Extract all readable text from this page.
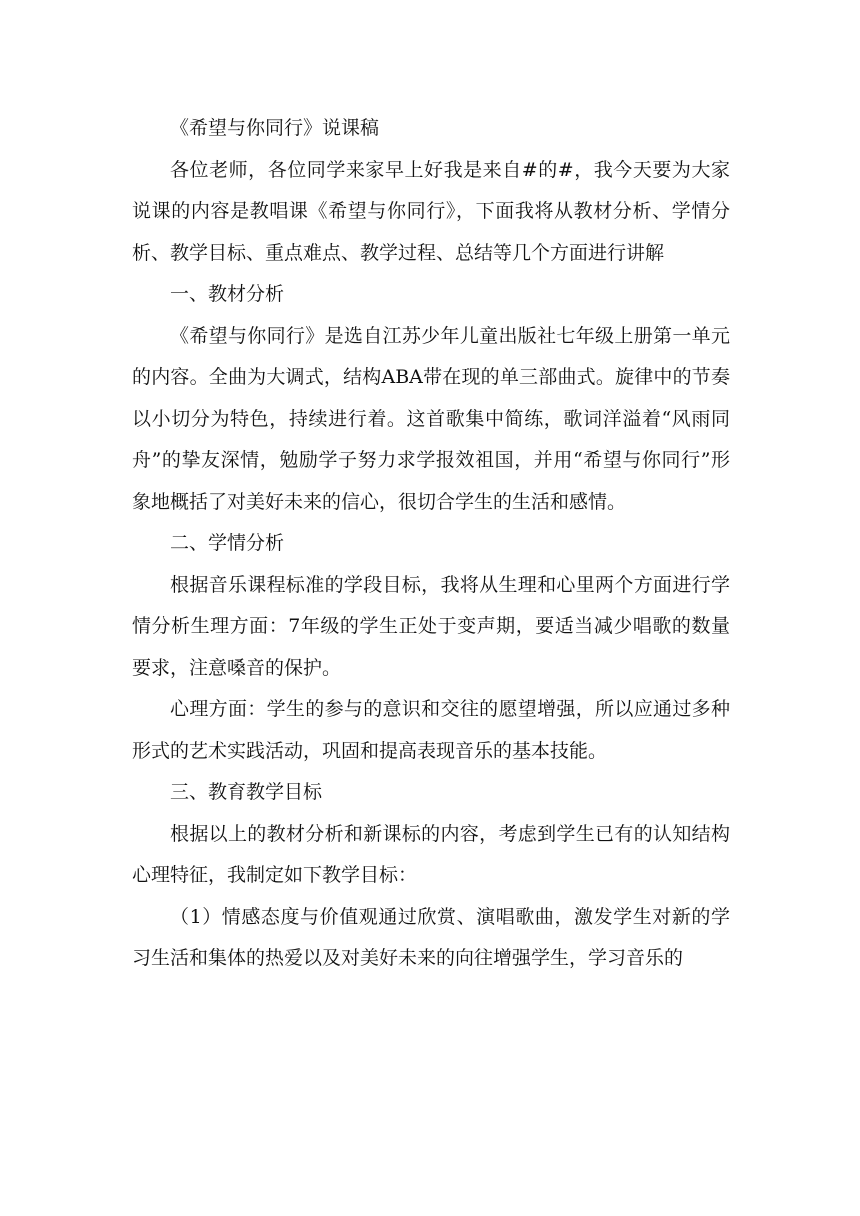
《希望与你同行》说课稿

各位老师，各位同学来家早上好我是来自#的#，我今天要为大家说课的内容是教唱课《希望与你同行》，下面我将从教材分析、学情分析、教学目标、重点难点、教学过程、总结等几个方面进行讲解

一、教材分析

《希望与你同行》是选自江苏少年儿童出版社七年级上册第一单元的内容。全曲为大调式，结构ABA带在现的单三部曲式。旋律中的节奏以小切分为特色，持续进行着。这首歌集中简练，歌词洋溢着“风雨同舟”的挚友深情，勉励学子努力求学报效祖国，并用“希望与你同行”形象地概括了对美好未来的信心，很切合学生的生活和感情。

二、学情分析

根据音乐课程标准的学段目标，我将从生理和心里两个方面进行学情分析生理方面：7年级的学生正处于变声期，要适当减少唱歌的数量要求，注意嗓音的保护。

心理方面：学生的参与的意识和交往的愿望增强，所以应通过多种形式的艺术实践活动，巩固和提高表现音乐的基本技能。

三、教育教学目标

根据以上的教材分析和新课标的内容，考虑到学生已有的认知结构心理特征，我制定如下教学目标：

（1）情感态度与价值观通过欣赏、演唱歌曲，激发学生对新的学习生活和集体的热爱以及对美好未来的向往增强学生，学习音乐的
